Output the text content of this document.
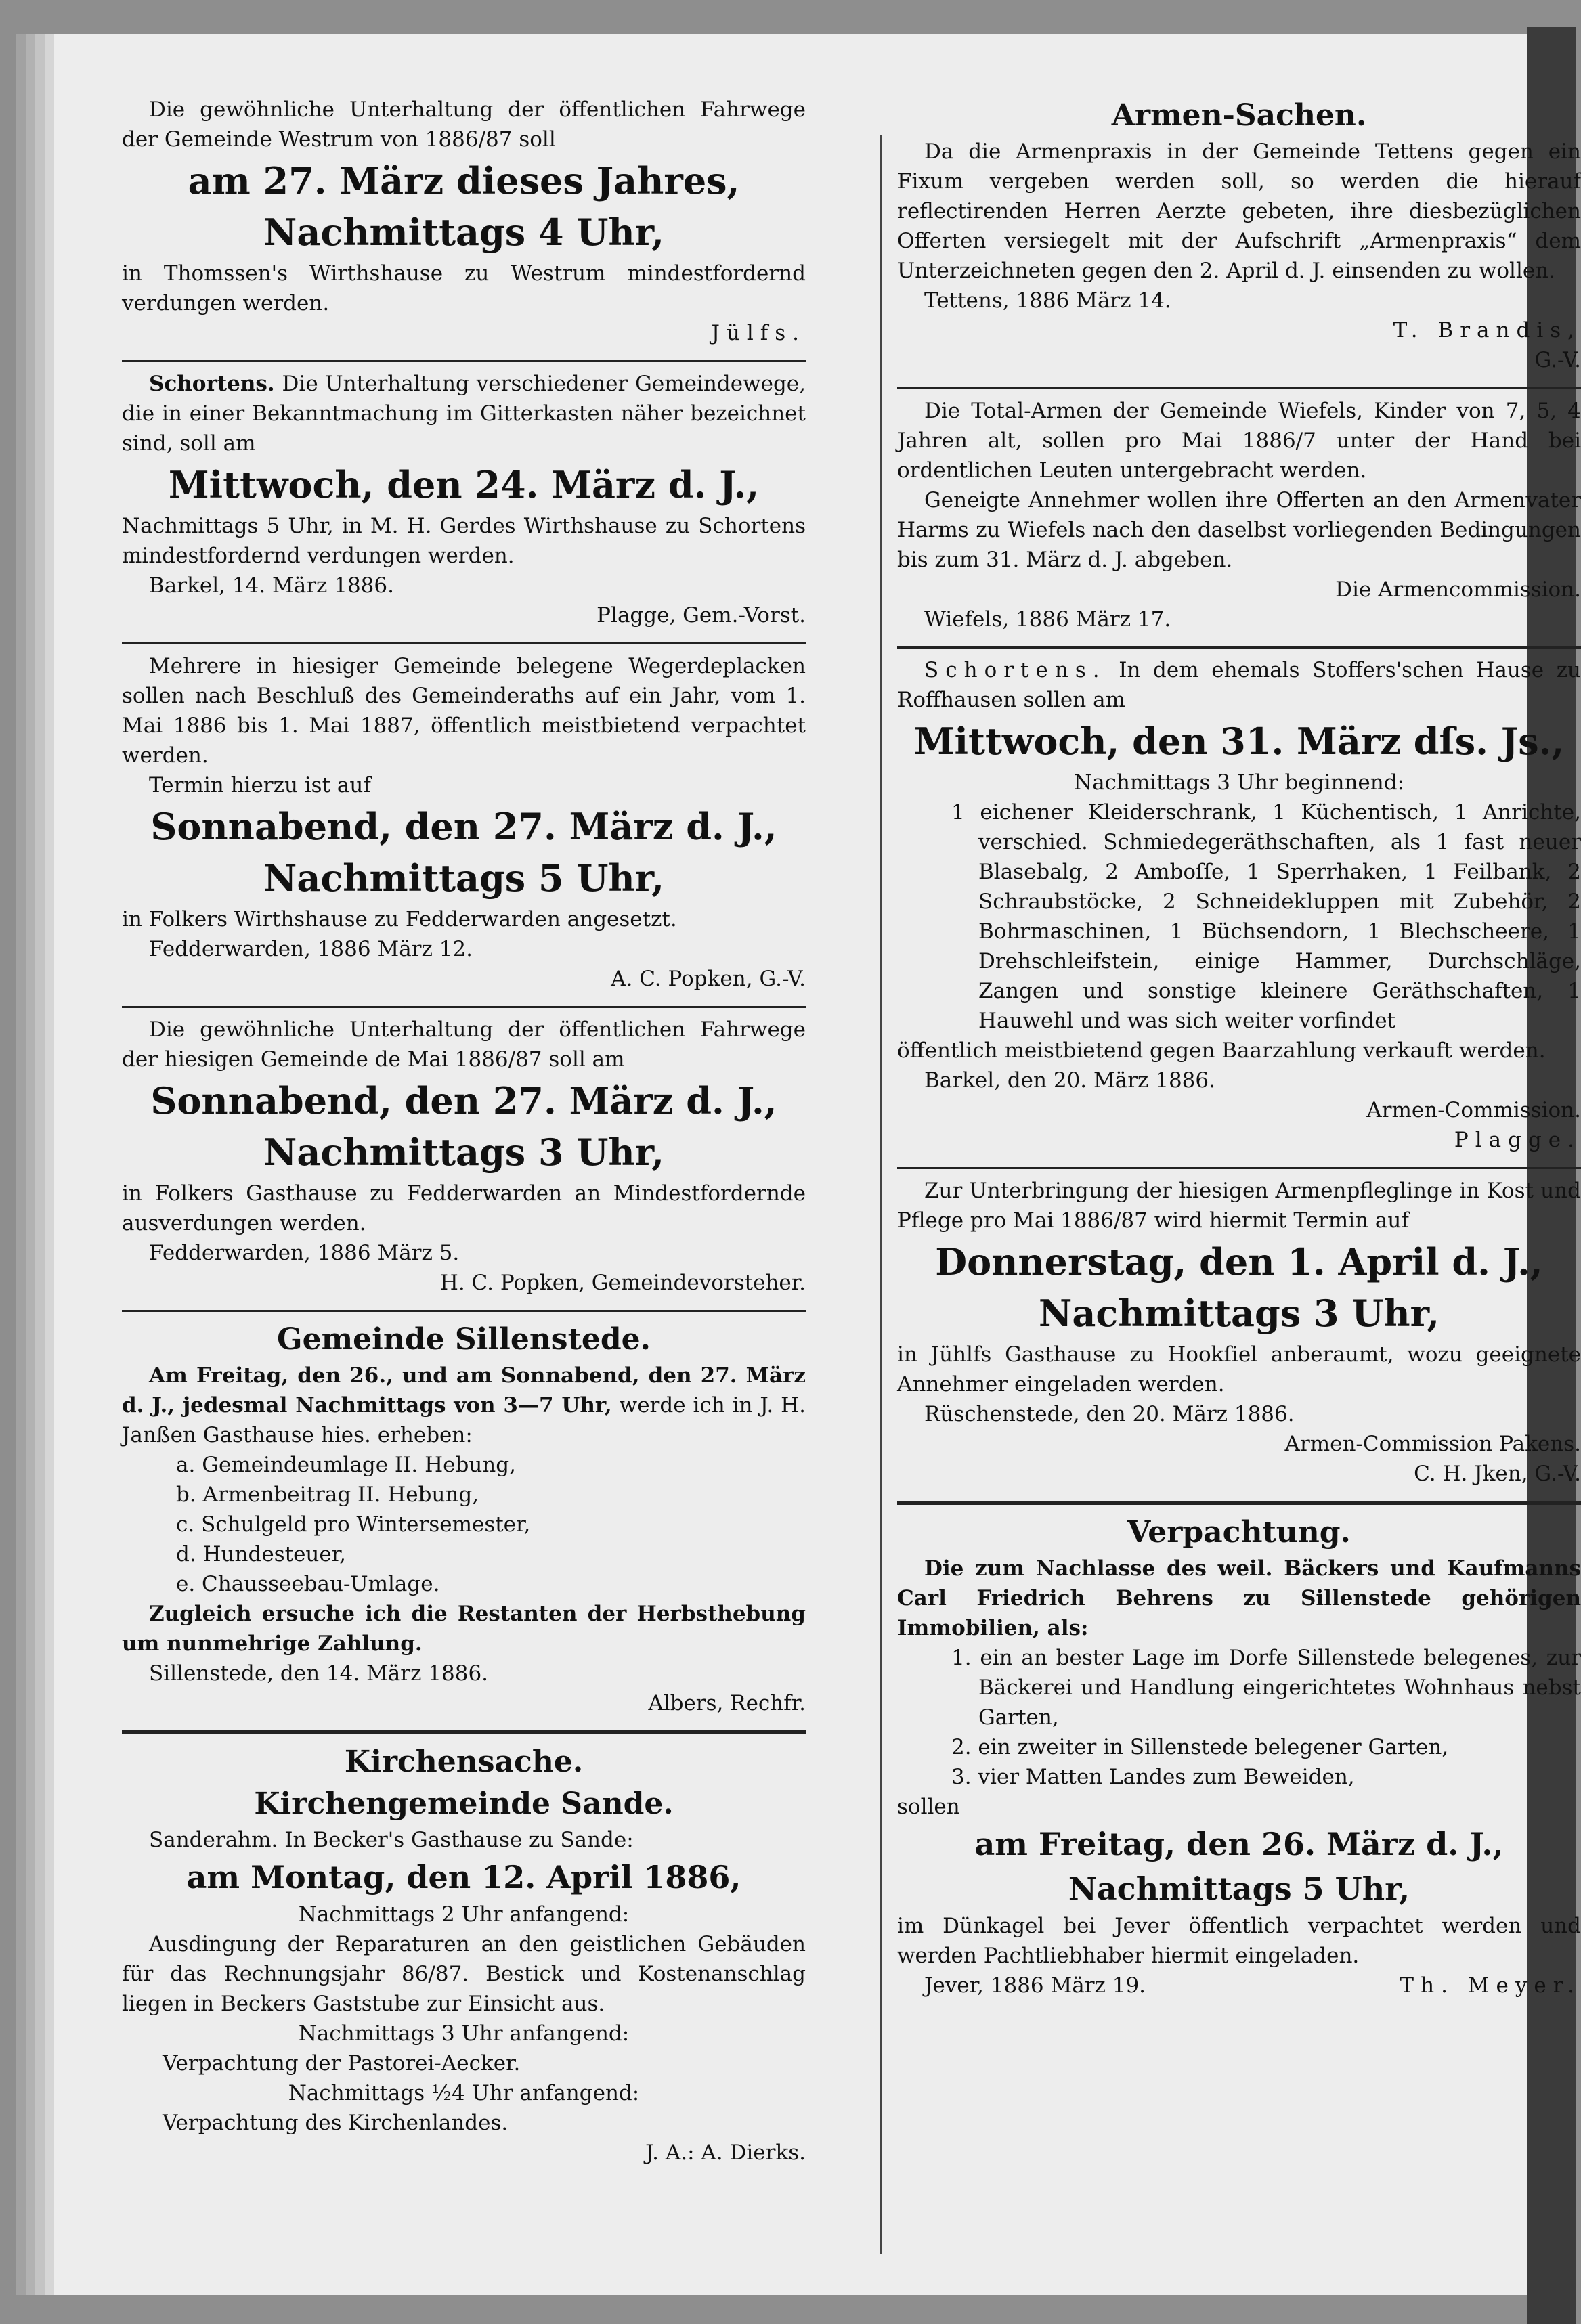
Die gewöhnliche Unterhaltung der öffentlichen Fahrwege der Gemeinde Westrum von 1886/87 soll

am 27. März dieses Jahres,
Nachmittags 4 Uhr,

in Thomssen's Wirthshause zu Westrum mindestfordernd verdungen werden.

Jülfs.

Schortens. Die Unterhaltung verschiedener Gemeindewege, die in einer Bekanntmachung im Gitterkasten näher bezeichnet sind, soll am

Mittwoch, den 24. März d. J.,

Nachmittags 5 Uhr, in M. H. Gerdes Wirthshause zu Schortens mindestfordernd verdungen werden.

Barkel, 14. März 1886.

Plagge, Gem.-Vorst.

Mehrere in hiesiger Gemeinde belegene Wegerdeplacken sollen nach Beschluß des Gemeinderaths auf ein Jahr, vom 1. Mai 1886 bis 1. Mai 1887, öffentlich meistbietend verpachtet werden.

Termin hierzu ist auf

Sonnabend, den 27. März d. J.,
Nachmittags 5 Uhr,

in Folkers Wirthshause zu Fedderwarden angesetzt.

Fedderwarden, 1886 März 12.

A. C. Popken, G.-V.

Die gewöhnliche Unterhaltung der öffentlichen Fahrwege der hiesigen Gemeinde de Mai 1886/87 soll am

Sonnabend, den 27. März d. J.,
Nachmittags 3 Uhr,

in Folkers Gasthause zu Fedderwarden an Mindestfordernde ausverdungen werden.

Fedderwarden, 1886 März 5.

H. C. Popken, Gemeindevorsteher.

Gemeinde Sillenstede.

Am Freitag, den 26., und am Sonnabend, den 27. März d. J., jedesmal Nachmittags von 3—7 Uhr, werde ich in J. H. Janßen Gasthause hies. erheben:

a. Gemeindeumlage II. Hebung,

b. Armenbeitrag II. Hebung,

c. Schulgeld pro Wintersemester,

d. Hundesteuer,

e. Chausseebau-Umlage.

Zugleich ersuche ich die Restanten der Herbsthebung um nunmehrige Zahlung.

Sillenstede, den 14. März 1886.

Albers, Rechfr.

Kirchensache.
Kirchengemeinde Sande.

Sanderahm. In Becker's Gasthause zu Sande:

am Montag, den 12. April 1886,

Nachmittags 2 Uhr anfangend:

Ausdingung der Reparaturen an den geistlichen Gebäuden für das Rechnungsjahr 86/87. Bestick und Kostenanschlag liegen in Beckers Gaststube zur Einsicht aus.

Nachmittags 3 Uhr anfangend:

Verpachtung der Pastorei-Aecker.

Nachmittags ½4 Uhr anfangend:

Verpachtung des Kirchenlandes.

J. A.: A. Dierks.

Armen-Sachen.

Da die Armenpraxis in der Gemeinde Tettens gegen ein Fixum vergeben werden soll, so werden die hierauf reflectirenden Herren Aerzte gebeten, ihre diesbezüglichen Offerten versiegelt mit der Aufschrift „Armenpraxis“ dem Unterzeichneten gegen den 2. April d. J. einsenden zu wollen.

Tettens, 1886 März 14.

T. Brandis,

G.-V.

Die Total-Armen der Gemeinde Wiefels, Kinder von 7, 5, 4 Jahren alt, sollen pro Mai 1886/7 unter der Hand bei ordentlichen Leuten untergebracht werden.

Geneigte Annehmer wollen ihre Offerten an den Armenvater Harms zu Wiefels nach den daselbst vorliegenden Bedingungen bis zum 31. März d. J. abgeben.

Die Armencommission.

Wiefels, 1886 März 17.

Schortens. In dem ehemals Stoffers'schen Hause zu Roffhausen sollen am

Mittwoch, den 31. März dſs. Js.,

Nachmittags 3 Uhr beginnend:

1 eichener Kleiderschrank, 1 Küchentisch, 1 Anrichte, verschied. Schmiedegeräthschaften, als 1 fast neuer Blasebalg, 2 Amboſſe, 1 Sperrhaken, 1 Feilbank, 2 Schraubstöcke, 2 Schneidekluppen mit Zubehör, 2 Bohrmaschinen, 1 Büchsendorn, 1 Blechscheere, 1 Drehschleifstein, einige Hammer, Durchschläge, Zangen und sonstige kleinere Geräthschaften, 1 Hauwehl und was sich weiter vorfindet

öffentlich meistbietend gegen Baarzahlung verkauft werden.

Barkel, den 20. März 1886.

Armen-Commission.

Plagge.

Zur Unterbringung der hiesigen Armenpfleglinge in Kost und Pflege pro Mai 1886/87 wird hiermit Termin auf

Donnerstag, den 1. April d. J.,
Nachmittags 3 Uhr,

in Jühlfs Gasthause zu Hookſiel anberaumt, wozu geeignete Annehmer eingeladen werden.

Rüschenstede, den 20. März 1886.

Armen-Commission Pakens.

C. H. Jken, G.-V.

Verpachtung.

Die zum Nachlasse des weil. Bäckers und Kaufmanns Carl Friedrich Behrens zu Sillenstede gehörigen Immobilien, als:

1. ein an bester Lage im Dorfe Sillenstede belegenes, zur Bäckerei und Handlung eingerichtetes Wohnhaus nebst Garten,

2. ein zweiter in Sillenstede belegener Garten,

3. vier Matten Landes zum Beweiden,

sollen

am Freitag, den 26. März d. J.,
Nachmittags 5 Uhr,

im Dünkagel bei Jever öffentlich verpachtet werden und werden Pachtliebhaber hiermit eingeladen.

Jever, 1886 März 19.	Th. Meyer.
